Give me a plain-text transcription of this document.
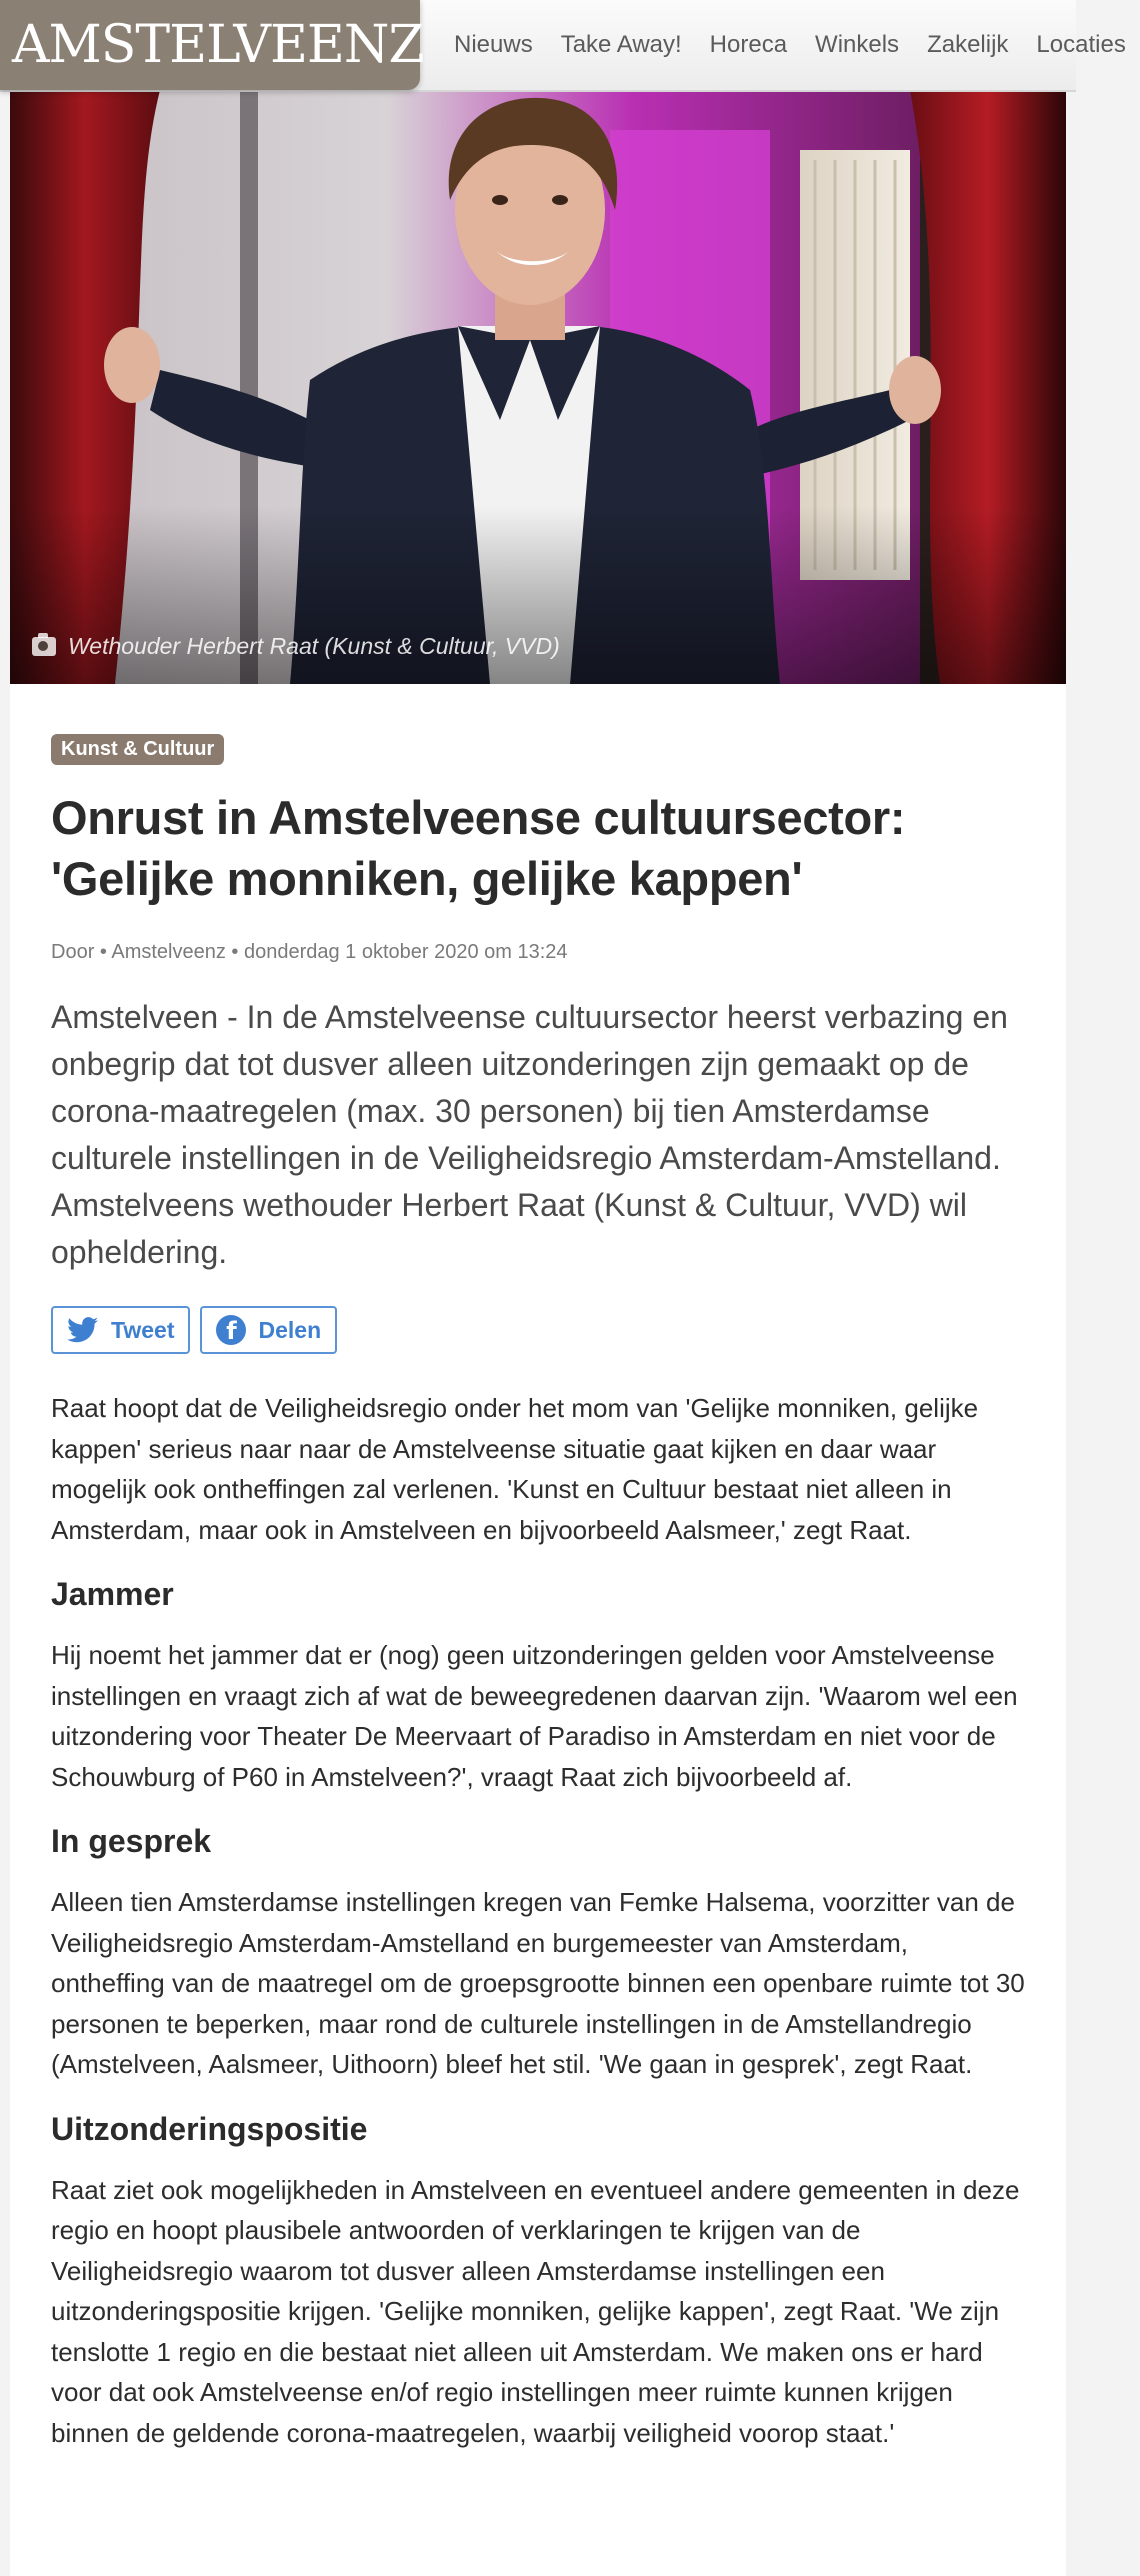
AMSTELVEENZ	Nieuws	Take Away!	Horeca	Winkels	Zakelijk	Locaties
Wethouder Herbert Raat (Kunst & Cultuur, VVD)
Kunst & Cultuur
Onrust in Amstelveense cultuursector:
'Gelijke monniken, gelijke kappen'
Door • Amstelveenz • donderdag 1 oktober 2020 om 13:24
Amstelveen - In de Amstelveense cultuursector heerst verbazing en onbegrip dat tot dusver alleen uitzonderingen zijn gemaakt op de corona-maatregelen (max. 30 personen) bij tien Amsterdamse culturele instellingen in de Veiligheidsregio Amsterdam-Amstelland. Amstelveens wethouder Herbert Raat (Kunst & Cultuur, VVD) wil opheldering.
Tweet	f Delen

Raat hoopt dat de Veiligheidsregio onder het mom van 'Gelijke monniken, gelijke kappen' serieus naar naar de Amstelveense situatie gaat kijken en daar waar mogelijk ook ontheffingen zal verlenen. 'Kunst en Cultuur bestaat niet alleen in Amsterdam, maar ook in Amstelveen en bijvoorbeeld Aalsmeer,' zegt Raat.

Jammer

Hij noemt het jammer dat er (nog) geen uitzonderingen gelden voor Amstelveense instellingen en vraagt zich af wat de beweegredenen daarvan zijn. 'Waarom wel een uitzondering voor Theater De Meervaart of Paradiso in Amsterdam en niet voor de Schouwburg of P60 in Amstelveen?', vraagt Raat zich bijvoorbeeld af.

In gesprek

Alleen tien Amsterdamse instellingen kregen van Femke Halsema, voorzitter van de Veiligheidsregio Amsterdam-Amstelland en burgemeester van Amsterdam, ontheffing van de maatregel om de groepsgrootte binnen een openbare ruimte tot 30 personen te beperken, maar rond de culturele instellingen in de Amstellandregio (Amstelveen, Aalsmeer, Uithoorn) bleef het stil. 'We gaan in gesprek', zegt Raat.

Uitzonderingspositie

Raat ziet ook mogelijkheden in Amstelveen en eventueel andere gemeenten in deze regio en hoopt plausibele antwoorden of verklaringen te krijgen van de Veiligheidsregio waarom tot dusver alleen Amsterdamse instellingen een uitzonderingspositie krijgen. 'Gelijke monniken, gelijke kappen', zegt Raat. 'We zijn tenslotte 1 regio en die bestaat niet alleen uit Amsterdam. We maken ons er hard voor dat ook Amstelveense en/of regio instellingen meer ruimte kunnen krijgen binnen de geldende corona-maatregelen, waarbij veiligheid voorop staat.'
